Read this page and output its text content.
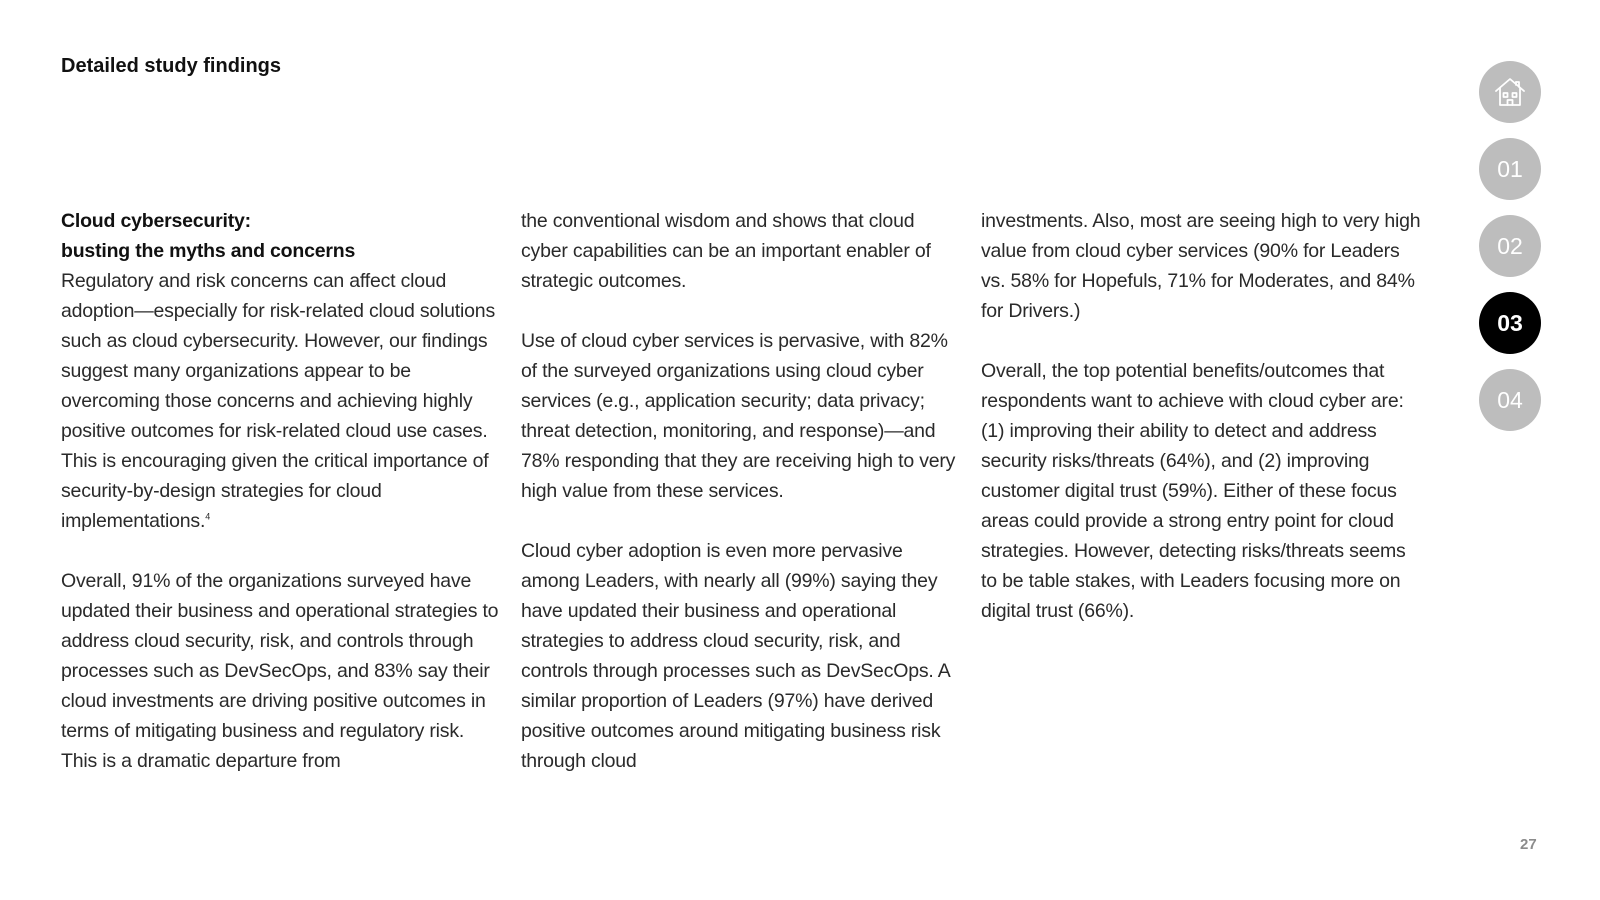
Detailed study findings
Cloud cybersecurity:
busting the myths and concerns

Regulatory and risk concerns can affect cloud adoption—especially for risk-related cloud solutions such as cloud cybersecurity. However, our findings suggest many organizations appear to be overcoming those concerns and achieving highly positive outcomes for risk-related cloud use cases. This is encouraging given the critical importance of security-by-design strategies for cloud implementations.$^4$

Overall, 91% of the organizations surveyed have updated their business and operational strategies to address cloud security, risk, and controls through processes such as DevSecOps, and 83% say their cloud investments are driving positive outcomes in terms of mitigating business and regulatory risk. This is a dramatic departure from

the conventional wisdom and shows that cloud cyber capabilities can be an important enabler of strategic outcomes.

Use of cloud cyber services is pervasive, with 82% of the surveyed organizations using cloud cyber services (e.g., application security; data privacy; threat detection, monitoring, and response)—and 78% responding that they are receiving high to very high value from these services.

Cloud cyber adoption is even more pervasive among Leaders, with nearly all (99%) saying they have updated their business and operational strategies to address cloud security, risk, and controls through processes such as DevSecOps. A similar proportion of Leaders (97%) have derived positive outcomes around mitigating business risk through cloud

investments. Also, most are seeing high to very high value from cloud cyber services (90% for Leaders vs. 58% for Hopefuls, 71% for Moderates, and 84% for Drivers.)

Overall, the top potential benefits/outcomes that respondents want to achieve with cloud cyber are: (1) improving their ability to detect and address security risks/threats (64%), and (2) improving customer digital trust (59%). Either of these focus areas could provide a strong entry point for cloud strategies. However, detecting risks/threats seems to be table stakes, with Leaders focusing more on digital trust (66%).

01
02
03
04
27
